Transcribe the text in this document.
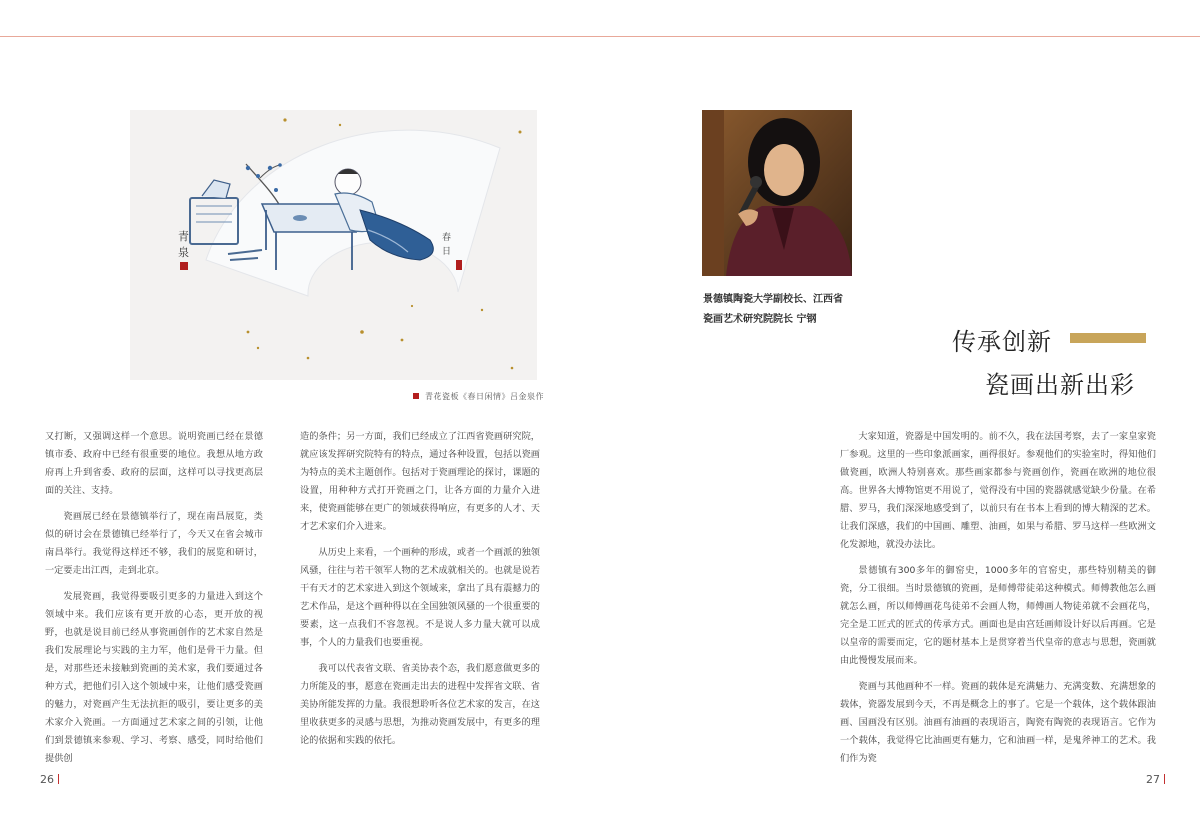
青
泉
春
日
青花瓷板《春日闲情》吕金泉作

又打断，又强调这样一个意思。说明瓷画已经在景德镇市委、政府中已经有很重要的地位。我想从地方政府再上升到省委、政府的层面，这样可以寻找更高层面的关注、支持。

瓷画展已经在景德镇举行了，现在南昌展览，类似的研讨会在景德镇已经举行了，今天又在省会城市南昌举行。我觉得这样还不够，我们的展览和研讨，一定要走出江西，走到北京。

发展瓷画，我觉得要吸引更多的力量进入到这个领域中来。我们应该有更开放的心态，更开放的视野，也就是说目前已经从事瓷画创作的艺术家自然是我们发展理论与实践的主力军，他们是骨干力量。但是，对那些还未接触到瓷画的美术家，我们要通过各种方式，把他们引入这个领域中来，让他们感受瓷画的魅力，对瓷画产生无法抗拒的吸引，要让更多的美术家介入瓷画。一方面通过艺术家之间的引领，让他们到景德镇来参观、学习、考察、感受，同时给他们提供创

造的条件；另一方面，我们已经成立了江西省瓷画研究院，就应该发挥研究院特有的特点，通过各种设置，包括以瓷画为特点的美术主题创作。包括对于瓷画理论的探讨，课题的设置，用种种方式打开瓷画之门，让各方面的力量介入进来，使瓷画能够在更广的领域获得响应，有更多的人才、天才艺术家们介入进来。

从历史上来看，一个画种的形成，或者一个画派的独领风骚，往往与若干领军人物的艺术成就相关的。也就是说若干有天才的艺术家进入到这个领域来，拿出了具有震撼力的艺术作品，是这个画种得以在全国独领风骚的一个很重要的要素，这一点我们不容忽视。不是说人多力量大就可以成事，个人的力量我们也要重视。

我可以代表省文联、省美协表个态，我们愿意做更多的力所能及的事，愿意在瓷画走出去的进程中发挥省文联、省美协所能发挥的力量。我很想聆听各位艺术家的发言，在这里收获更多的灵感与思想，为推动瓷画发展中，有更多的理论的依据和实践的依托。

26
景德镇陶瓷大学副校长、江西省
瓷画艺术研究院院长 宁钢
传承创新
瓷画出新出彩

大家知道，瓷器是中国发明的。前不久，我在法国考察，去了一家皇家瓷厂参观。这里的一些印象派画家，画得很好。参观他们的实验室时，得知他们做瓷画，欧洲人特别喜欢。那些画家都参与瓷画创作，瓷画在欧洲的地位很高。世界各大博物馆更不用说了，觉得没有中国的瓷器就感觉缺少份量。在希腊、罗马，我们深深地感受到了，以前只有在书本上看到的博大精深的艺术。让我们深感，我们的中国画、雕塑、油画，如果与希腊、罗马这样一些欧洲文化发源地，就没办法比。

景德镇有300多年的御窑史，1000多年的官窑史，那些特别精美的御瓷，分工很细。当时景德镇的瓷画，是师傅带徒弟这种模式。师傅教他怎么画就怎么画，所以师傅画花鸟徒弟不会画人物，师傅画人物徒弟就不会画花鸟，完全是工匠式的匠式的传承方式。画面也是由宫廷画师设计好以后再画。它是以皇帝的需要而定，它的题材基本上是贯穿着当代皇帝的意志与思想，瓷画就由此慢慢发展而来。

瓷画与其他画种不一样。瓷画的载体是充满魅力、充满变数、充满想象的载体，瓷器发展到今天，不再是概念上的事了。它是一个载体，这个载体跟油画、国画没有区别。油画有油画的表现语言，陶瓷有陶瓷的表现语言。它作为一个载体，我觉得它比油画更有魅力，它和油画一样，是鬼斧神工的艺术。我们作为瓷

27
